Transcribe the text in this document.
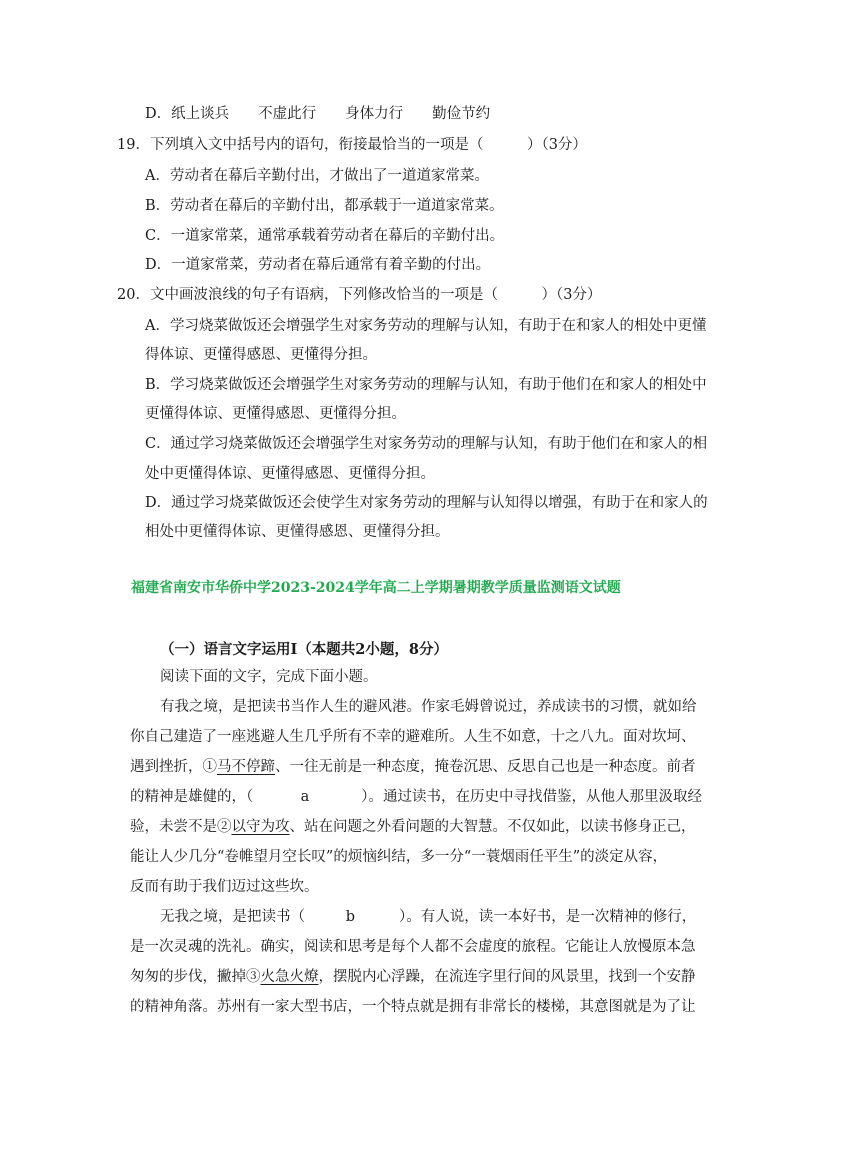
D．纸上谈兵　　不虚此行　　身体力行　　勤俭节约
19．下列填入文中括号内的语句，衔接最恰当的一项是（　　　）（3分）
A．劳动者在幕后辛勤付出，才做出了一道道家常菜。
B．劳动者在幕后的辛勤付出，都承载于一道道家常菜。
C．一道家常菜，通常承载着劳动者在幕后的辛勤付出。
D．一道家常菜，劳动者在幕后通常有着辛勤的付出。
20．文中画波浪线的句子有语病，下列修改恰当的一项是（　　　）（3分）
A．学习烧菜做饭还会增强学生对家务劳动的理解与认知，有助于在和家人的相处中更懂
得体谅、更懂得感恩、更懂得分担。
B．学习烧菜做饭还会增强学生对家务劳动的理解与认知，有助于他们在和家人的相处中
更懂得体谅、更懂得感恩、更懂得分担。
C．通过学习烧菜做饭还会增强学生对家务劳动的理解与认知，有助于他们在和家人的相
处中更懂得体谅、更懂得感恩、更懂得分担。
D．通过学习烧菜做饭还会使学生对家务劳动的理解与认知得以增强，有助于在和家人的
相处中更懂得体谅、更懂得感恩、更懂得分担。
福建省南安市华侨中学2023-2024学年高二上学期暑期教学质量监测语文试题
（一）语言文字运用Ⅰ（本题共2小题，8分）
阅读下面的文字，完成下面小题。
有我之境，是把读书当作人生的避风港。作家毛姆曾说过，养成读书的习惯，就如给
你自己建造了一座逃避人生几乎所有不幸的避难所。人生不如意，十之八九。面对坎坷、
遇到挫折，①马不停蹄、一往无前是一种态度，掩卷沉思、反思自己也是一种态度。前者
的精神是雄健的，（	a	）。通过读书，在历史中寻找借鉴，从他人那里汲取经
验，未尝不是②以守为攻、站在问题之外看问题的大智慧。不仅如此，以读书修身正己，
能让人少几分“卷帷望月空长叹”的烦恼纠结，多一分“一蓑烟雨任平生”的淡定从容，
反而有助于我们迈过这些坎。
无我之境，是把读书（	b	）。有人说，读一本好书，是一次精神的修行，
是一次灵魂的洗礼。确实，阅读和思考是每个人都不会虚度的旅程。它能让人放慢原本急
匆匆的步伐，撇掉③火急火燎，摆脱内心浮躁，在流连字里行间的风景里，找到一个安静
的精神角落。苏州有一家大型书店，一个特点就是拥有非常长的楼梯，其意图就是为了让
